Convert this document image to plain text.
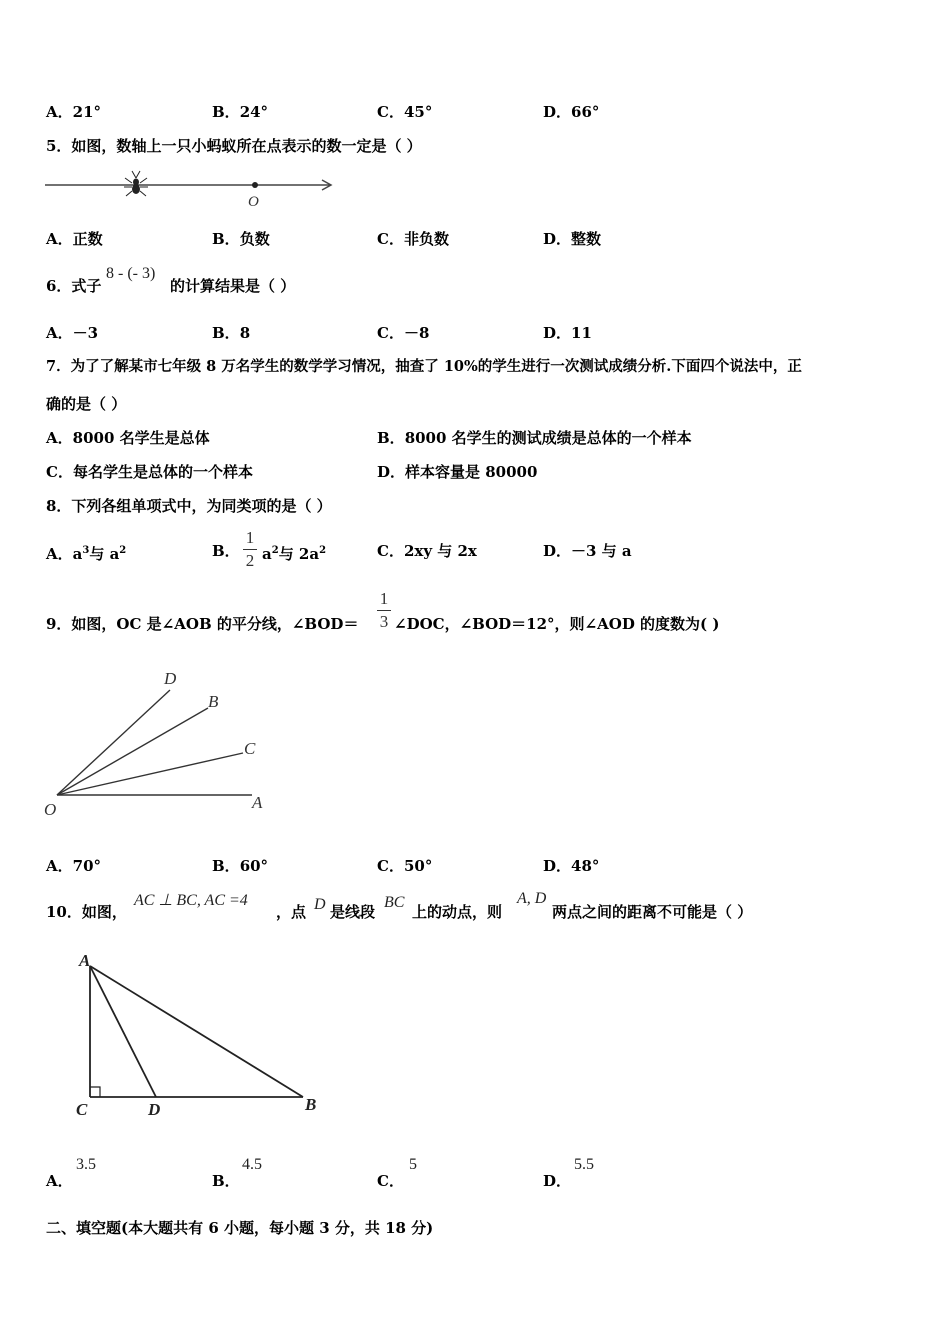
A．21°	B．24°	C．45°	D．66°
5．如图，数轴上一只小蚂蚁所在点表示的数一定是（ ）
O
A．正数	B．负数	C．非负数	D．整数
6．式子
8 - (- 3)
的计算结果是（ ）
A．－3	B．8	C．－8	D．11
7．为了了解某市七年级 8 万名学生的数学学习情况，抽查了 10%的学生进行一次测试成绩分析.下面四个说法中，正
确的是（ ）
A．8000 名学生是总体	B．8000 名学生的测试成绩是总体的一个样本
C．每名学生是总体的一个样本	D．样本容量是 80000
8．下列各组单项式中，为同类项的是（ ）
A．$a^3$与 $a^2$	B．
1
2 $a^2$与 $2a^2$	C．2xy 与 2x	D．－3 与 a
9．如图，OC 是∠AOB 的平分线，∠BOD＝
1
3 ∠DOC，∠BOD＝12°，则∠AOD 的度数为( )
D
B
C
O	A
A．70°	B．60°	C．50°	D．48°
10．如图，
AC ⊥ BC, AC =4
，点 D 是线段
BC
上的动点，则
A, D
两点之间的距离不可能是（ ）
A
C	D	B
A．
3.5
B．
4.5
C．
5
D．
5.5
二、填空题(本大题共有 6 小题，每小题 3 分，共 18 分)
